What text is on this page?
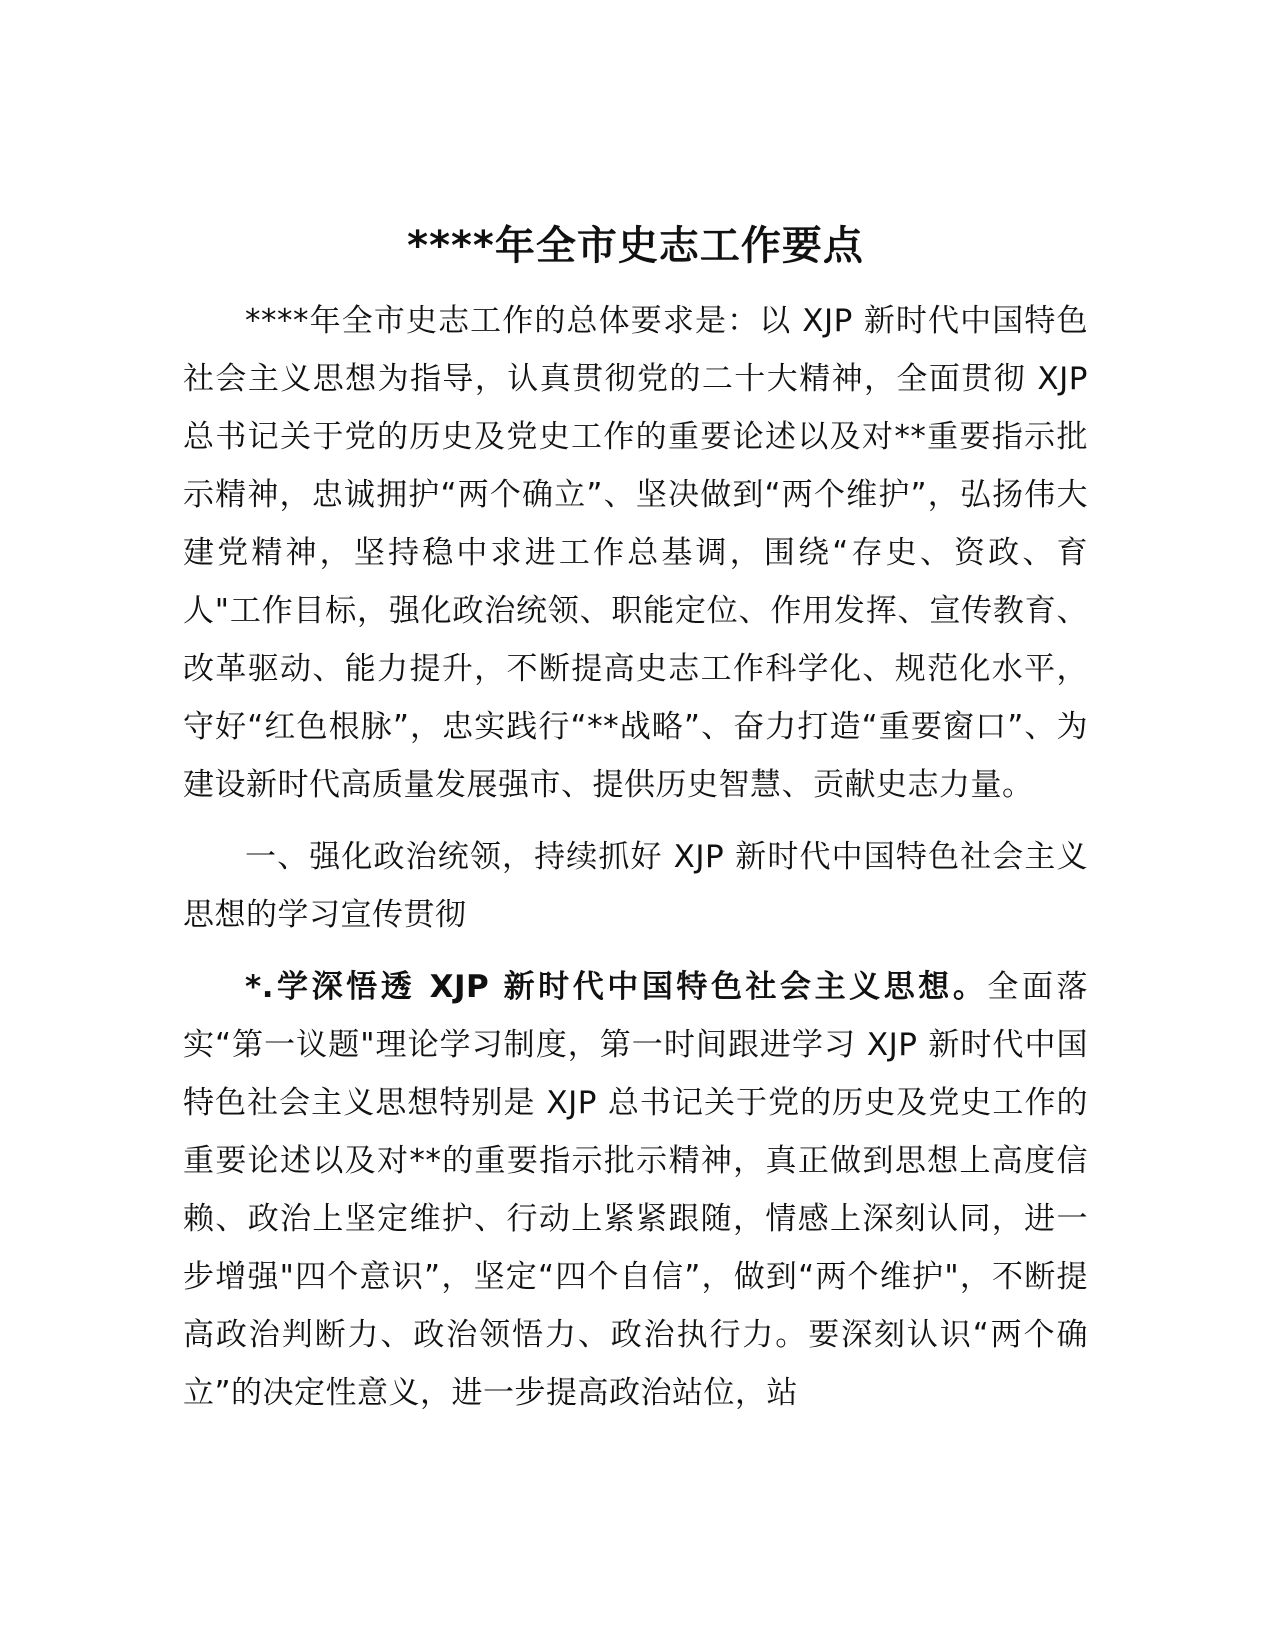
****年全市史志工作要点

****年全市史志工作的总体要求是：以 XJP 新时代中国特色社会主义思想为指导，认真贯彻党的二十大精神，全面贯彻 XJP 总书记关于党的历史及党史工作的重要论述以及对**重要指示批示精神，忠诚拥护“两个确立”、坚决做到“两个维护”，弘扬伟大建党精神，坚持稳中求进工作总基调，围绕“存史、资政、育人"工作目标，强化政治统领、职能定位、作用发挥、宣传教育、改革驱动、能力提升，不断提高史志工作科学化、规范化水平，守好“红色根脉”，忠实践行“**战略”、奋力打造“重要窗口”、为建设新时代高质量发展强市、提供历史智慧、贡献史志力量。

一、强化政治统领，持续抓好 XJP 新时代中国特色社会主义思想的学习宣传贯彻

*.学深悟透 XJP 新时代中国特色社会主义思想。全面落实“第一议题"理论学习制度，第一时间跟进学习 XJP 新时代中国特色社会主义思想特别是 XJP 总书记关于党的历史及党史工作的重要论述以及对**的重要指示批示精神，真正做到思想上高度信赖、政治上坚定维护、行动上紧紧跟随，情感上深刻认同，进一步增强"四个意识”，坚定“四个自信”，做到“两个维护"，不断提高政治判断力、政治领悟力、政治执行力。要深刻认识“两个确立”的决定性意义，进一步提高政治站位，站
